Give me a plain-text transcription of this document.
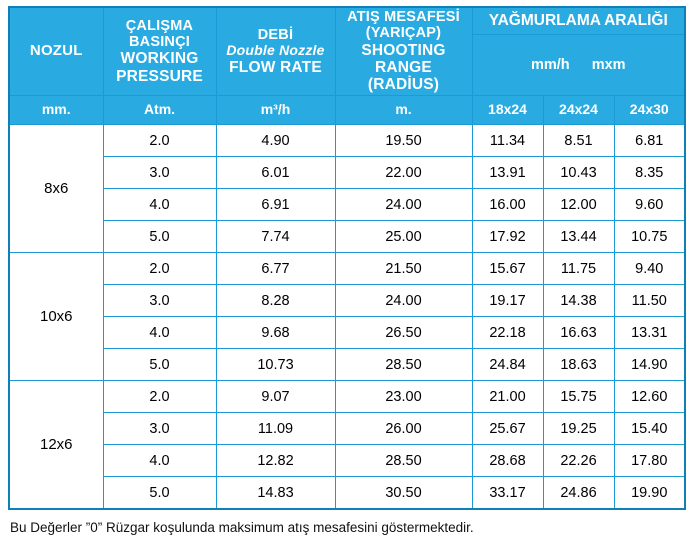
NOZUL	ÇALIŞMA
BASINÇI
WORKING
PRESSURE	DEBİ
Double Nozzle
FLOW RATE	ATIŞ MESAFESİ
(YARIÇAP)
SHOOTING RANGE
(RADİUS)	YAĞMURLAMA ARALIĞI		
				mm/h mxm		
mm.	Atm.	m³/h	m.	18x24	24x24	24x30
8x6	2.0	4.90	19.50	11.34	8.51	6.81
	3.0	6.01	22.00	13.91	10.43	8.35
	4.0	6.91	24.00	16.00	12.00	9.60
	5.0	7.74	25.00	17.92	13.44	10.75
10x6	2.0	6.77	21.50	15.67	11.75	9.40
	3.0	8.28	24.00	19.17	14.38	11.50
	4.0	9.68	26.50	22.18	16.63	13.31
	5.0	10.73	28.50	24.84	18.63	14.90
12x6	2.0	9.07	23.00	21.00	15.75	12.60
	3.0	11.09	26.00	25.67	19.25	15.40
	4.0	12.82	28.50	28.68	22.26	17.80
	5.0	14.83	30.50	33.17	24.86	19.90
Bu Değerler ”0” Rüzgar koşulunda maksimum atış mesafesini göstermektedir.
